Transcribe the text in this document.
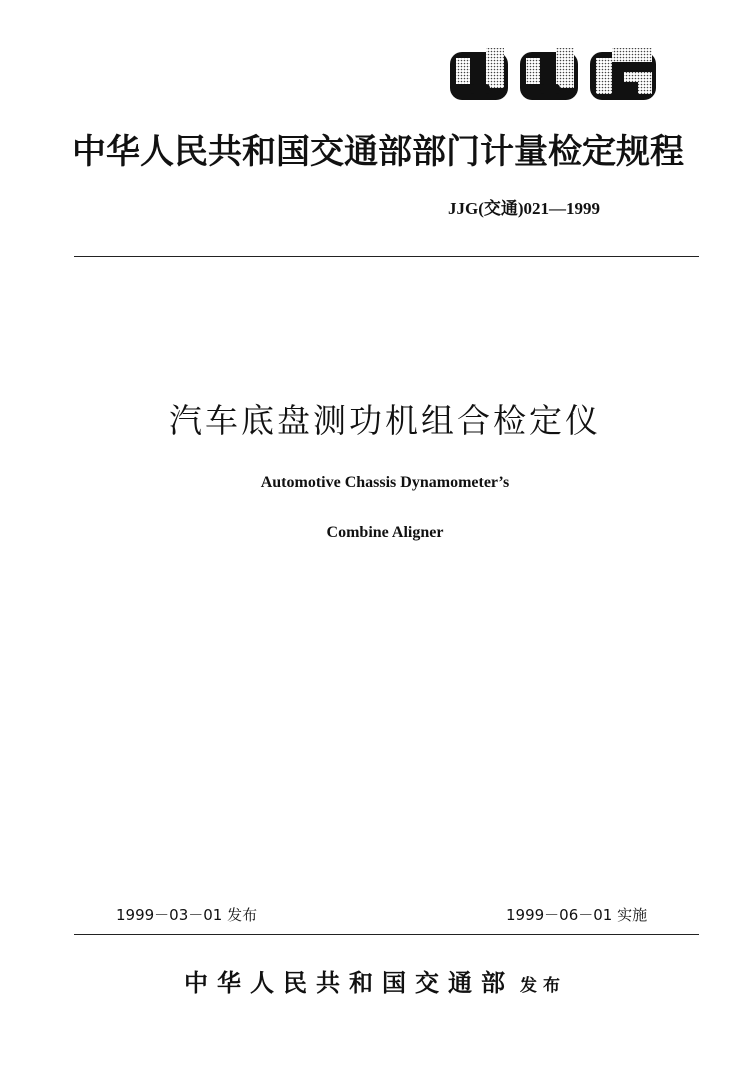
JJG
中华人民共和国交通部部门计量检定规程
JJG(交通)021—1999
汽车底盘测功机组合检定仪
Automotive Chassis Dynamometer’s
Combine Aligner
1999－03－01 发布	1999－06－01 实施
中华人民共和国交通部 发布
